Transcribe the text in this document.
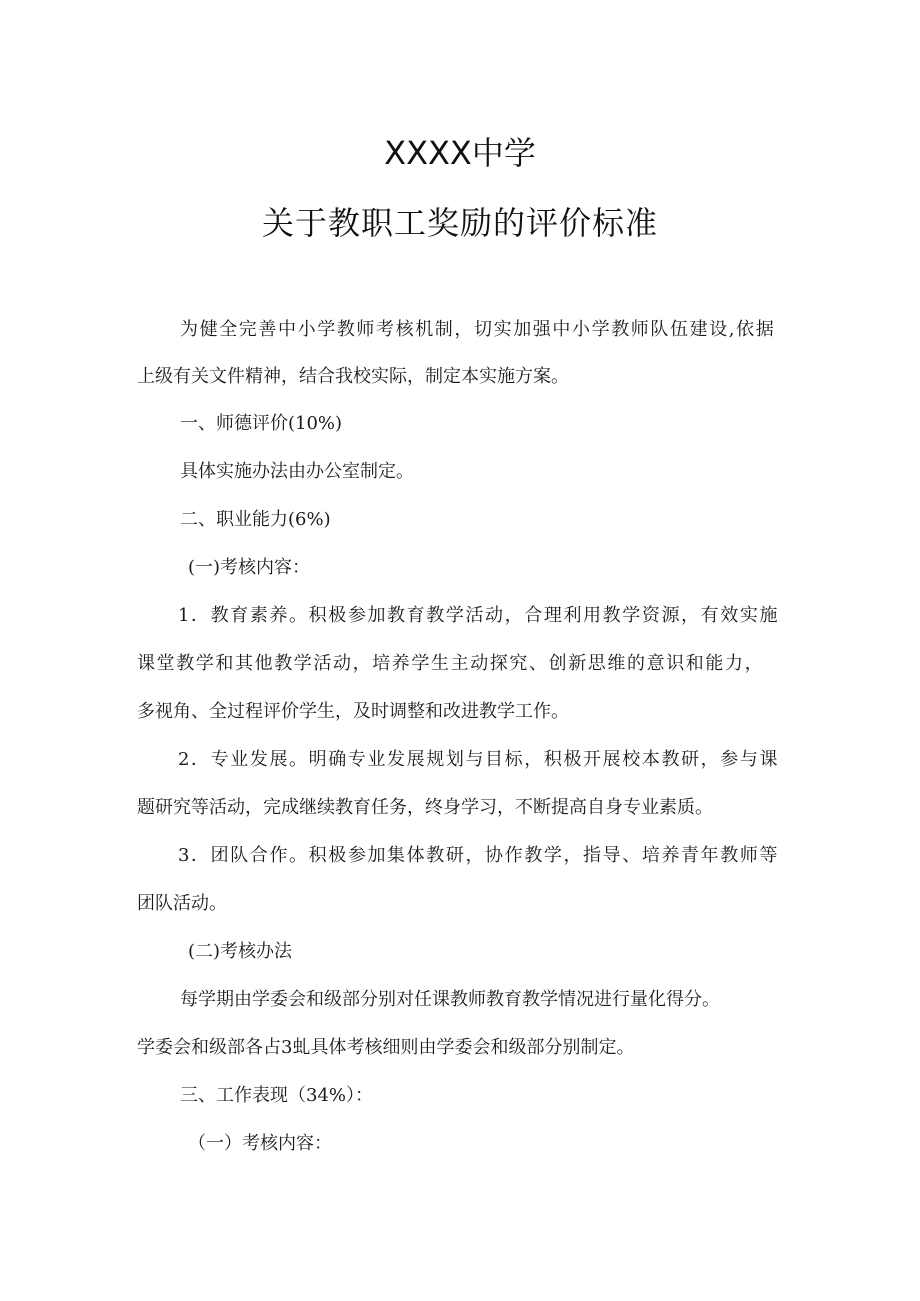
XXXX中学
关于教职工奖励的评价标准
为健全完善中小学教师考核机制，切实加强中小学教师队伍建设,依据
上级有关文件精神，结合我校实际，制定本实施方案。
一、师德评价(10%)
具体实施办法由办公室制定。
二、职业能力(6%)
(一)考核内容：
1．教育素养。积极参加教育教学活动，合理利用教学资源，有效实施
课堂教学和其他教学活动，培养学生主动探究、创新思维的意识和能力，
多视角、全过程评价学生，及时调整和改进教学工作。
2．专业发展。明确专业发展规划与目标，积极开展校本教研，参与课
题研究等活动，完成继续教育任务，终身学习，不断提高自身专业素质。
3．团队合作。积极参加集体教研，协作教学，指导、培养青年教师等
团队活动。
(二)考核办法
每学期由学委会和级部分别对任课教师教育教学情况进行量化得分。
学委会和级部各占3虬具体考核细则由学委会和级部分别制定。
三、工作表现（34%）：
（一）考核内容：
